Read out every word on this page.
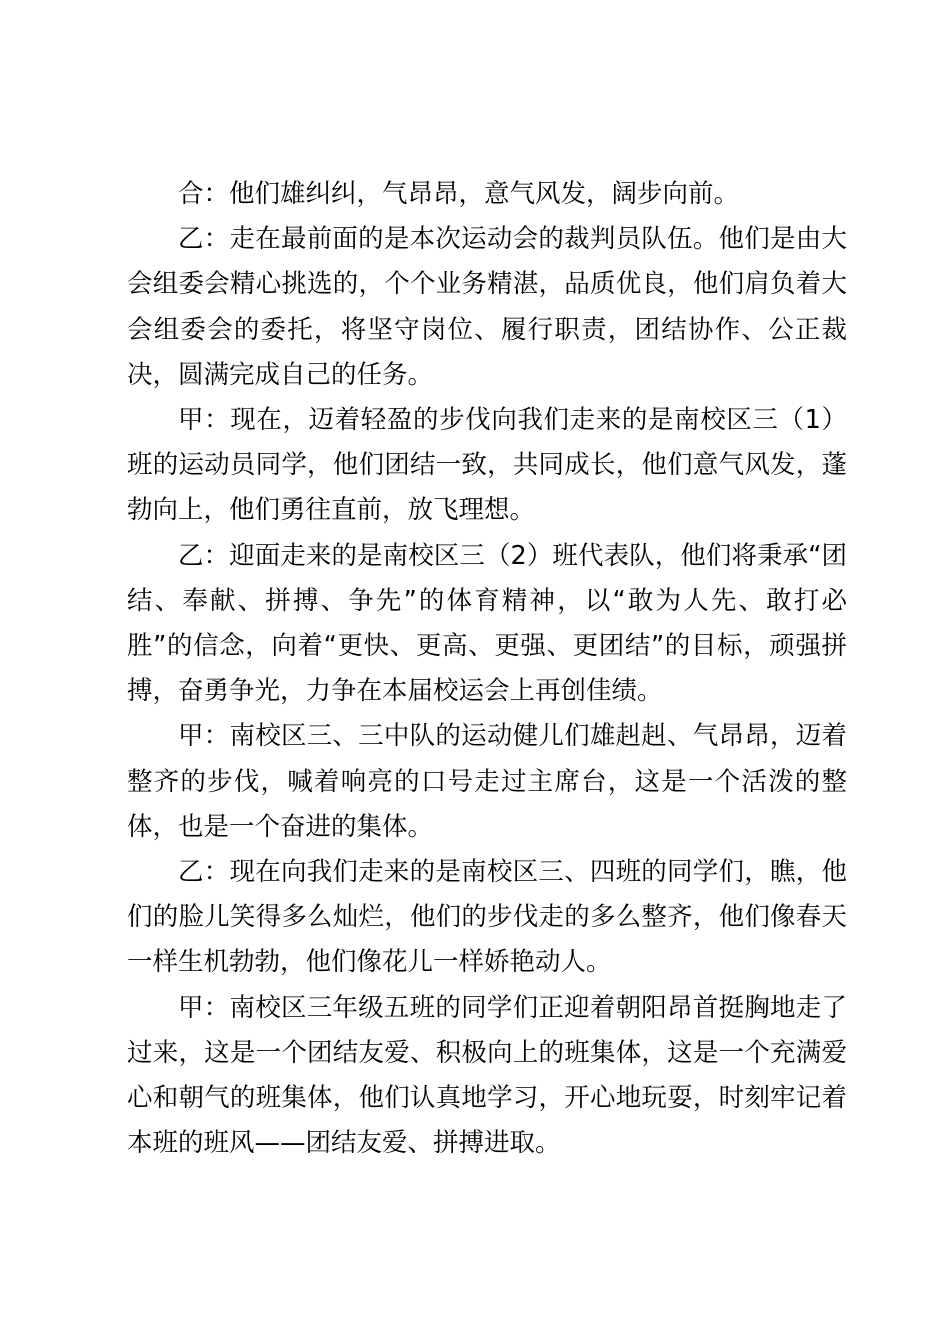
合：他们雄纠纠，气昂昂，意气风发，阔步向前。

乙：走在最前面的是本次运动会的裁判员队伍。他们是由大会组委会精心挑选的，个个业务精湛，品质优良，他们肩负着大会组委会的委托，将坚守岗位、履行职责，团结协作、公正裁决，圆满完成自己的任务。

甲：现在，迈着轻盈的步伐向我们走来的是南校区三（1）班的运动员同学，他们团结一致，共同成长，他们意气风发，蓬勃向上，他们勇往直前，放飞理想。

乙：迎面走来的是南校区三（2）班代表队，他们将秉承“团结、奉献、拼搏、争先”的体育精神，以“敢为人先、敢打必胜”的信念，向着“更快、更高、更强、更团结”的目标，顽强拼搏，奋勇争光，力争在本届校运会上再创佳绩。

甲：南校区三、三中队的运动健儿们雄赳赳、气昂昂，迈着整齐的步伐，喊着响亮的口号走过主席台，这是一个活泼的整体，也是一个奋进的集体。

乙：现在向我们走来的是南校区三、四班的同学们，瞧，他们的脸儿笑得多么灿烂，他们的步伐走的多么整齐，他们像春天一样生机勃勃，他们像花儿一样娇艳动人。

甲：南校区三年级五班的同学们正迎着朝阳昂首挺胸地走了过来，这是一个团结友爱、积极向上的班集体，这是一个充满爱心和朝气的班集体，他们认真地学习，开心地玩耍，时刻牢记着本班的班风——团结友爱、拼搏进取。
